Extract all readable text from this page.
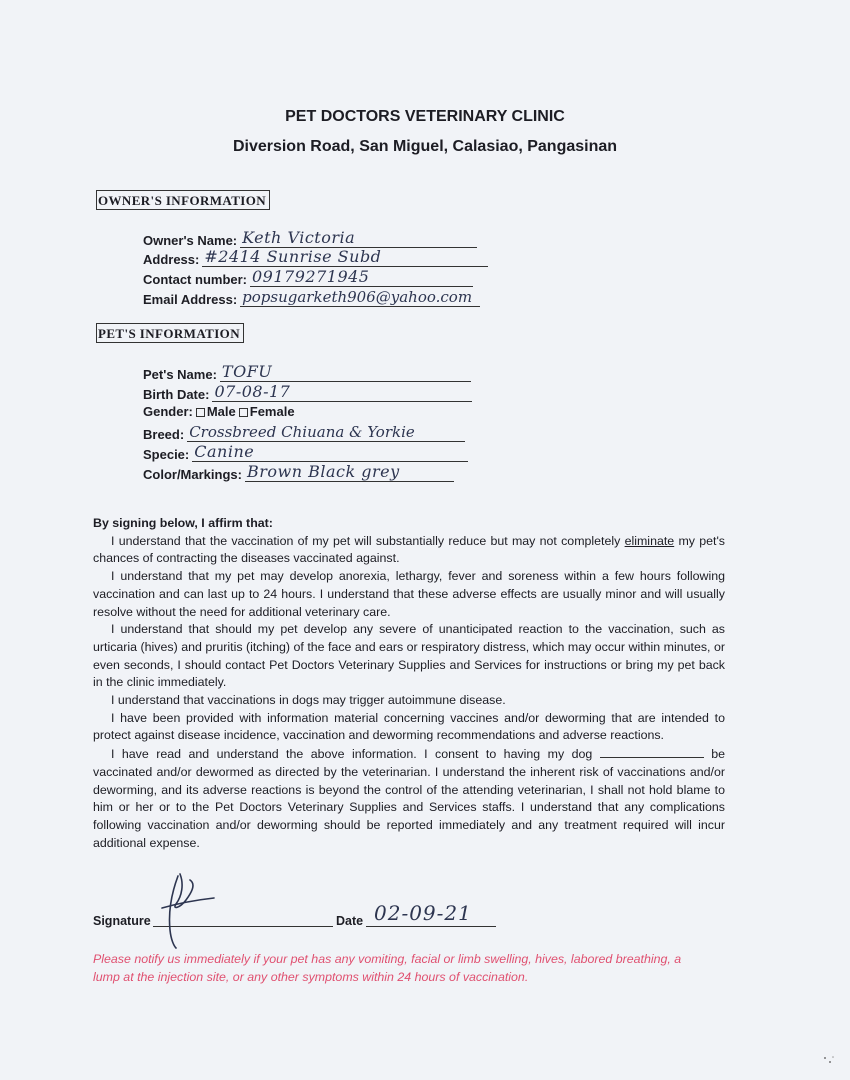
PET DOCTORS VETERINARY CLINIC
Diversion Road, San Miguel, Calasiao, Pangasinan
OWNER'S INFORMATION
Owner's Name: Keth Victoria
Address: #2414 Sunrise Subd
Contact number: 09179271945
Email Address: popsugarketh906@yahoo.com
PET'S INFORMATION
Pet's Name: TOFU
Birth Date: 07-08-17
Gender: Male Female
Breed: Crossbreed Chiuana & Yorkie
Specie: Canine
Color/Markings: Brown Black grey

By signing below, I affirm that:

I understand that the vaccination of my pet will substantially reduce but may not completely eliminate my pet's chances of contracting the diseases vaccinated against.

I understand that my pet may develop anorexia, lethargy, fever and soreness within a few hours following vaccination and can last up to 24 hours. I understand that these adverse effects are usually minor and will usually resolve without the need for additional veterinary care.

I understand that should my pet develop any severe of unanticipated reaction to the vaccination, such as urticaria (hives) and pruritis (itching) of the face and ears or respiratory distress, which may occur within minutes, or even seconds, I should contact Pet Doctors Veterinary Supplies and Services for instructions or bring my pet back in the clinic immediately.

I understand that vaccinations in dogs may trigger autoimmune disease.

I have been provided with information material concerning vaccines and/or deworming that are intended to protect against disease incidence, vaccination and deworming recommendations and adverse reactions.

I have read and understand the above information. I consent to having my dog	be vaccinated and/or dewormed as directed by the veterinarian. I understand the inherent risk of vaccinations and/or deworming, and its adverse reactions is beyond the control of the attending veterinarian, I shall not hold blame to him or her or to the Pet Doctors Veterinary Supplies and Services staffs. I understand that any complications following vaccination and/or deworming should be reported immediately and any treatment required will incur additional expense.

Signature	Date 02-09-21
Please notify us immediately if your pet has any vomiting, facial or limb swelling, hives, labored breathing, a lump at the injection site, or any other symptoms within 24 hours of vaccination.
